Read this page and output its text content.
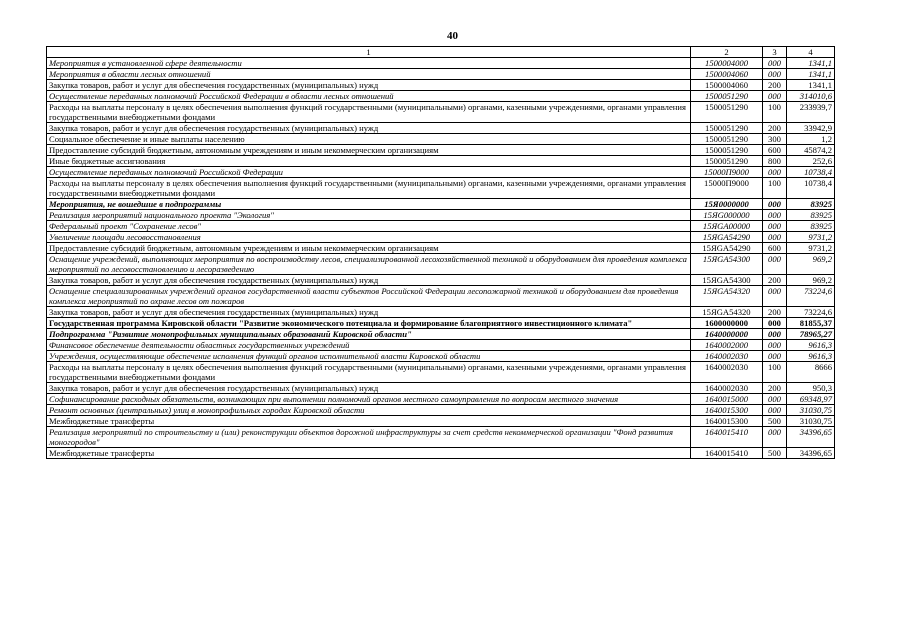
40
1	2	3	4
Мероприятия в установленной сфере деятельности	1500004000	000	1341,1
Мероприятия в области лесных отношений	1500004060	000	1341,1
Закупка товаров, работ и услуг для обеспечения государственных (муниципальных) нужд	1500004060	200	1341,1
Осуществление переданных полномочий Российской Федерации в области лесных отношений	1500051290	000	314010,6
Расходы на выплаты персоналу в целях обеспечения выполнения функций государственными (муниципальными) органами, казенными учреждениями, органами управления государственными внебюджетными фондами	1500051290	100	233939,7
Закупка товаров, работ и услуг для обеспечения государственных (муниципальных) нужд	1500051290	200	33942,9
Социальное обеспечение и иные выплаты населению	1500051290	300	1,2
Предоставление субсидий бюджетным, автономным учреждениям и иным некоммерческим организациям	1500051290	600	45874,2
Иные бюджетные ассигнования	1500051290	800	252,6
Осуществление переданных полномочий Российской Федерации	15000П9000	000	10738,4
Расходы на выплаты персоналу в целях обеспечения выполнения функций государственными (муниципальными) органами, казенными учреждениями, органами управления государственными внебюджетными фондами	15000П9000	100	10738,4
Мероприятия, не вошедшие в подпрограммы	15Я0000000	000	83925
Реализация мероприятий национального проекта "Экология"	15ЯG000000	000	83925
Федеральный проект "Сохранение лесов"	15ЯGA00000	000	83925
Увеличение площади лесовосстановления	15ЯGA54290	000	9731,2
Предоставление субсидий бюджетным, автономным учреждениям и иным некоммерческим организациям	15ЯGA54290	600	9731,2
Оснащение учреждений, выполняющих мероприятия по воспроизводству лесов, специализированной лесохозяйственной техникой и оборудованием для проведения комплекса мероприятий по лесовосстановлению и лесоразведению	15ЯGA54300	000	969,2
Закупка товаров, работ и услуг для обеспечения государственных (муниципальных) нужд	15ЯGA54300	200	969,2
Оснащение специализированных учреждений органов государственной власти субъектов Российской Федерации лесопожарной техникой и оборудованием для проведения комплекса мероприятий по охране лесов от пожаров	15ЯGA54320	000	73224,6
Закупка товаров, работ и услуг для обеспечения государственных (муниципальных) нужд	15ЯGA54320	200	73224,6
Государственная программа Кировской области "Развитие экономического потенциала и формирование благоприятного инвестиционного климата"	1600000000	000	81855,37
Подпрограмма "Развитие монопрофильных муниципальных образований Кировской области"	1640000000	000	78965,27
Финансовое обеспечение деятельности областных государственных учреждений	1640002000	000	9616,3
Учреждения, осуществляющие обеспечение исполнения функций органов исполнительной власти Кировской области	1640002030	000	9616,3
Расходы на выплаты персоналу в целях обеспечения выполнения функций государственными (муниципальными) органами, казенными учреждениями, органами управления государственными внебюджетными фондами	1640002030	100	8666
Закупка товаров, работ и услуг для обеспечения государственных (муниципальных) нужд	1640002030	200	950,3
Софинансирование расходных обязательств, возникающих при выполнении полномочий органов местного самоуправления по вопросам местного значения	1640015000	000	69348,97
Ремонт основных (центральных) улиц в монопрофильных городах Кировской области	1640015300	000	31030,75
Межбюджетные трансферты	1640015300	500	31030,75
Реализация мероприятий по строительству и (или) реконструкции объектов дорожной инфраструктуры за счет средств некоммерческой организации "Фонд развития моногородов"	1640015410	000	34396,65
Межбюджетные трансферты	1640015410	500	34396,65
